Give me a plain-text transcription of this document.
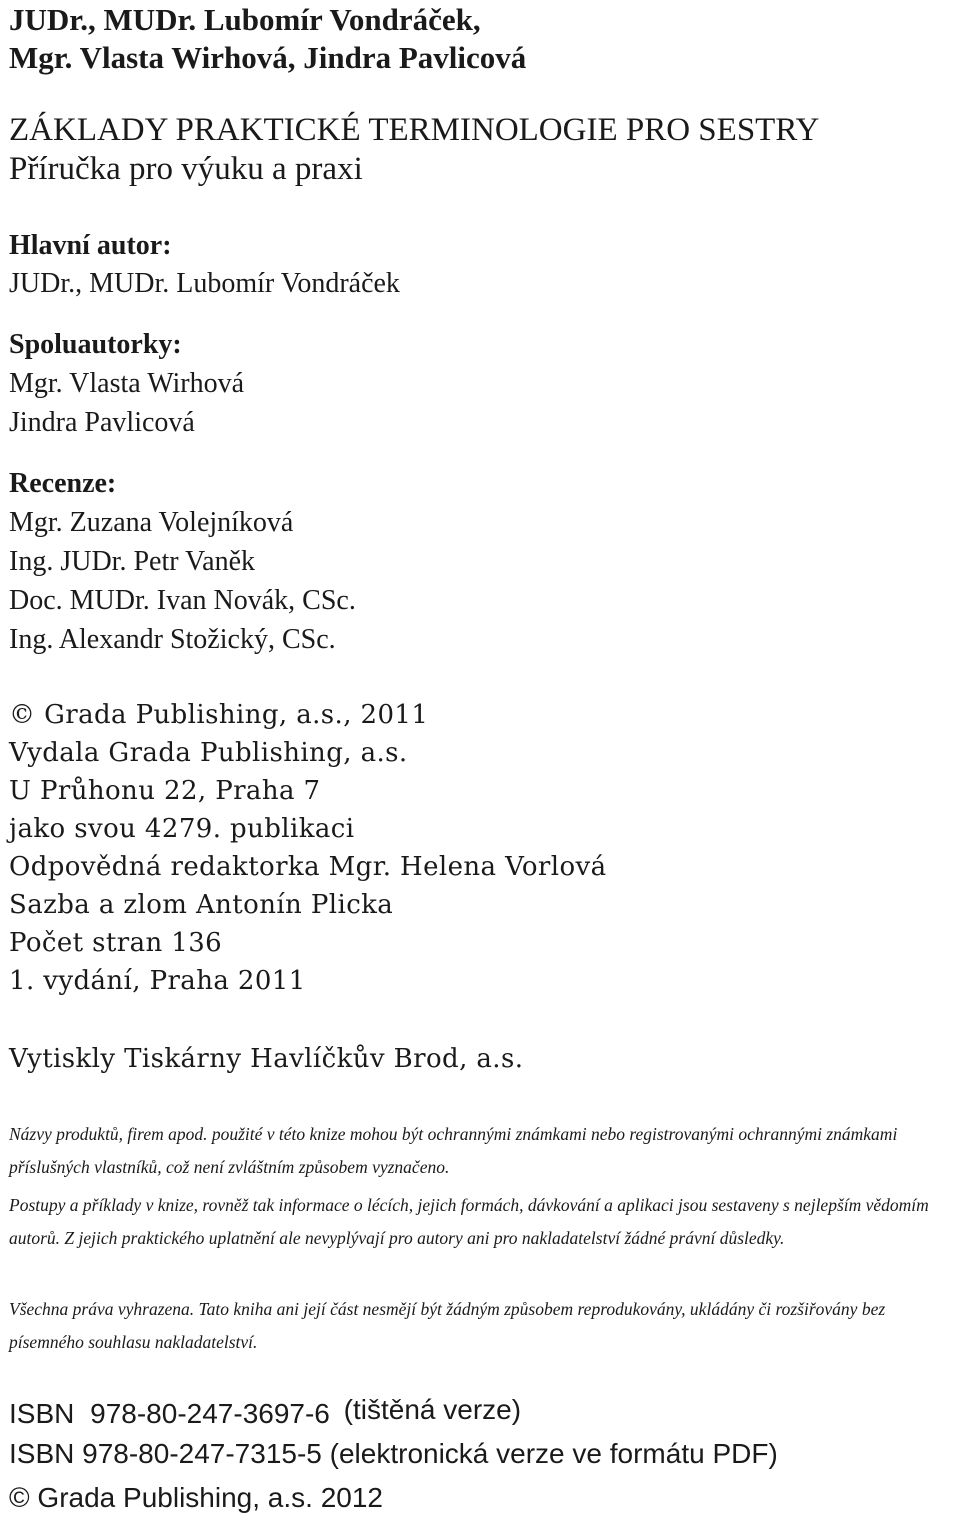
JUDr., MUDr. Lubomír Vondráček,

Mgr. Vlasta Wirhová, Jindra Pavlicová

ZÁKLADY PRAKTICKÉ TERMINOLOGIE PRO SESTRY

Příručka pro výuku a praxi

Hlavní autor:

JUDr., MUDr. Lubomír Vondráček

Spoluautorky:

Mgr. Vlasta Wirhová

Jindra Pavlicová

Recenze:

Mgr. Zuzana Volejníková

Ing. JUDr. Petr Vaněk

Doc. MUDr. Ivan Novák, CSc.

Ing. Alexandr Stožický, CSc.

© Grada Publishing, a.s., 2011

Vydala Grada Publishing, a.s.

U Průhonu 22, Praha 7

jako svou 4279. publikaci

Odpovědná redaktorka Mgr. Helena Vorlová

Sazba a zlom Antonín Plicka

Počet stran 136

1. vydání, Praha 2011

Vytiskly Tiskárny Havlíčkův Brod, a.s.

Názvy produktů, firem apod. použité v této knize mohou být ochrannými známkami nebo registrovanými ochrannými známkami příslušných vlastníků, což není zvláštním způsobem vyznačeno.

Postupy a příklady v knize, rovněž tak informace o lécích, jejich formách, dávkování a aplikaci jsou sestaveny s nejlepším vědomím autorů. Z jejich praktického uplatnění ale nevyplývají pro autory ani pro nakladatelství žádné právní důsledky.

Všechna práva vyhrazena. Tato kniha ani její část nesmějí být žádným způsobem reprodukovány, ukládány či rozšiřovány bez písemného souhlasu nakladatelství.

ISBN 978-80-247-3697-6 (tištěná verze)

ISBN 978-80-247-7315-5 (elektronická verze ve formátu PDF)

© Grada Publishing, a.s. 2012
